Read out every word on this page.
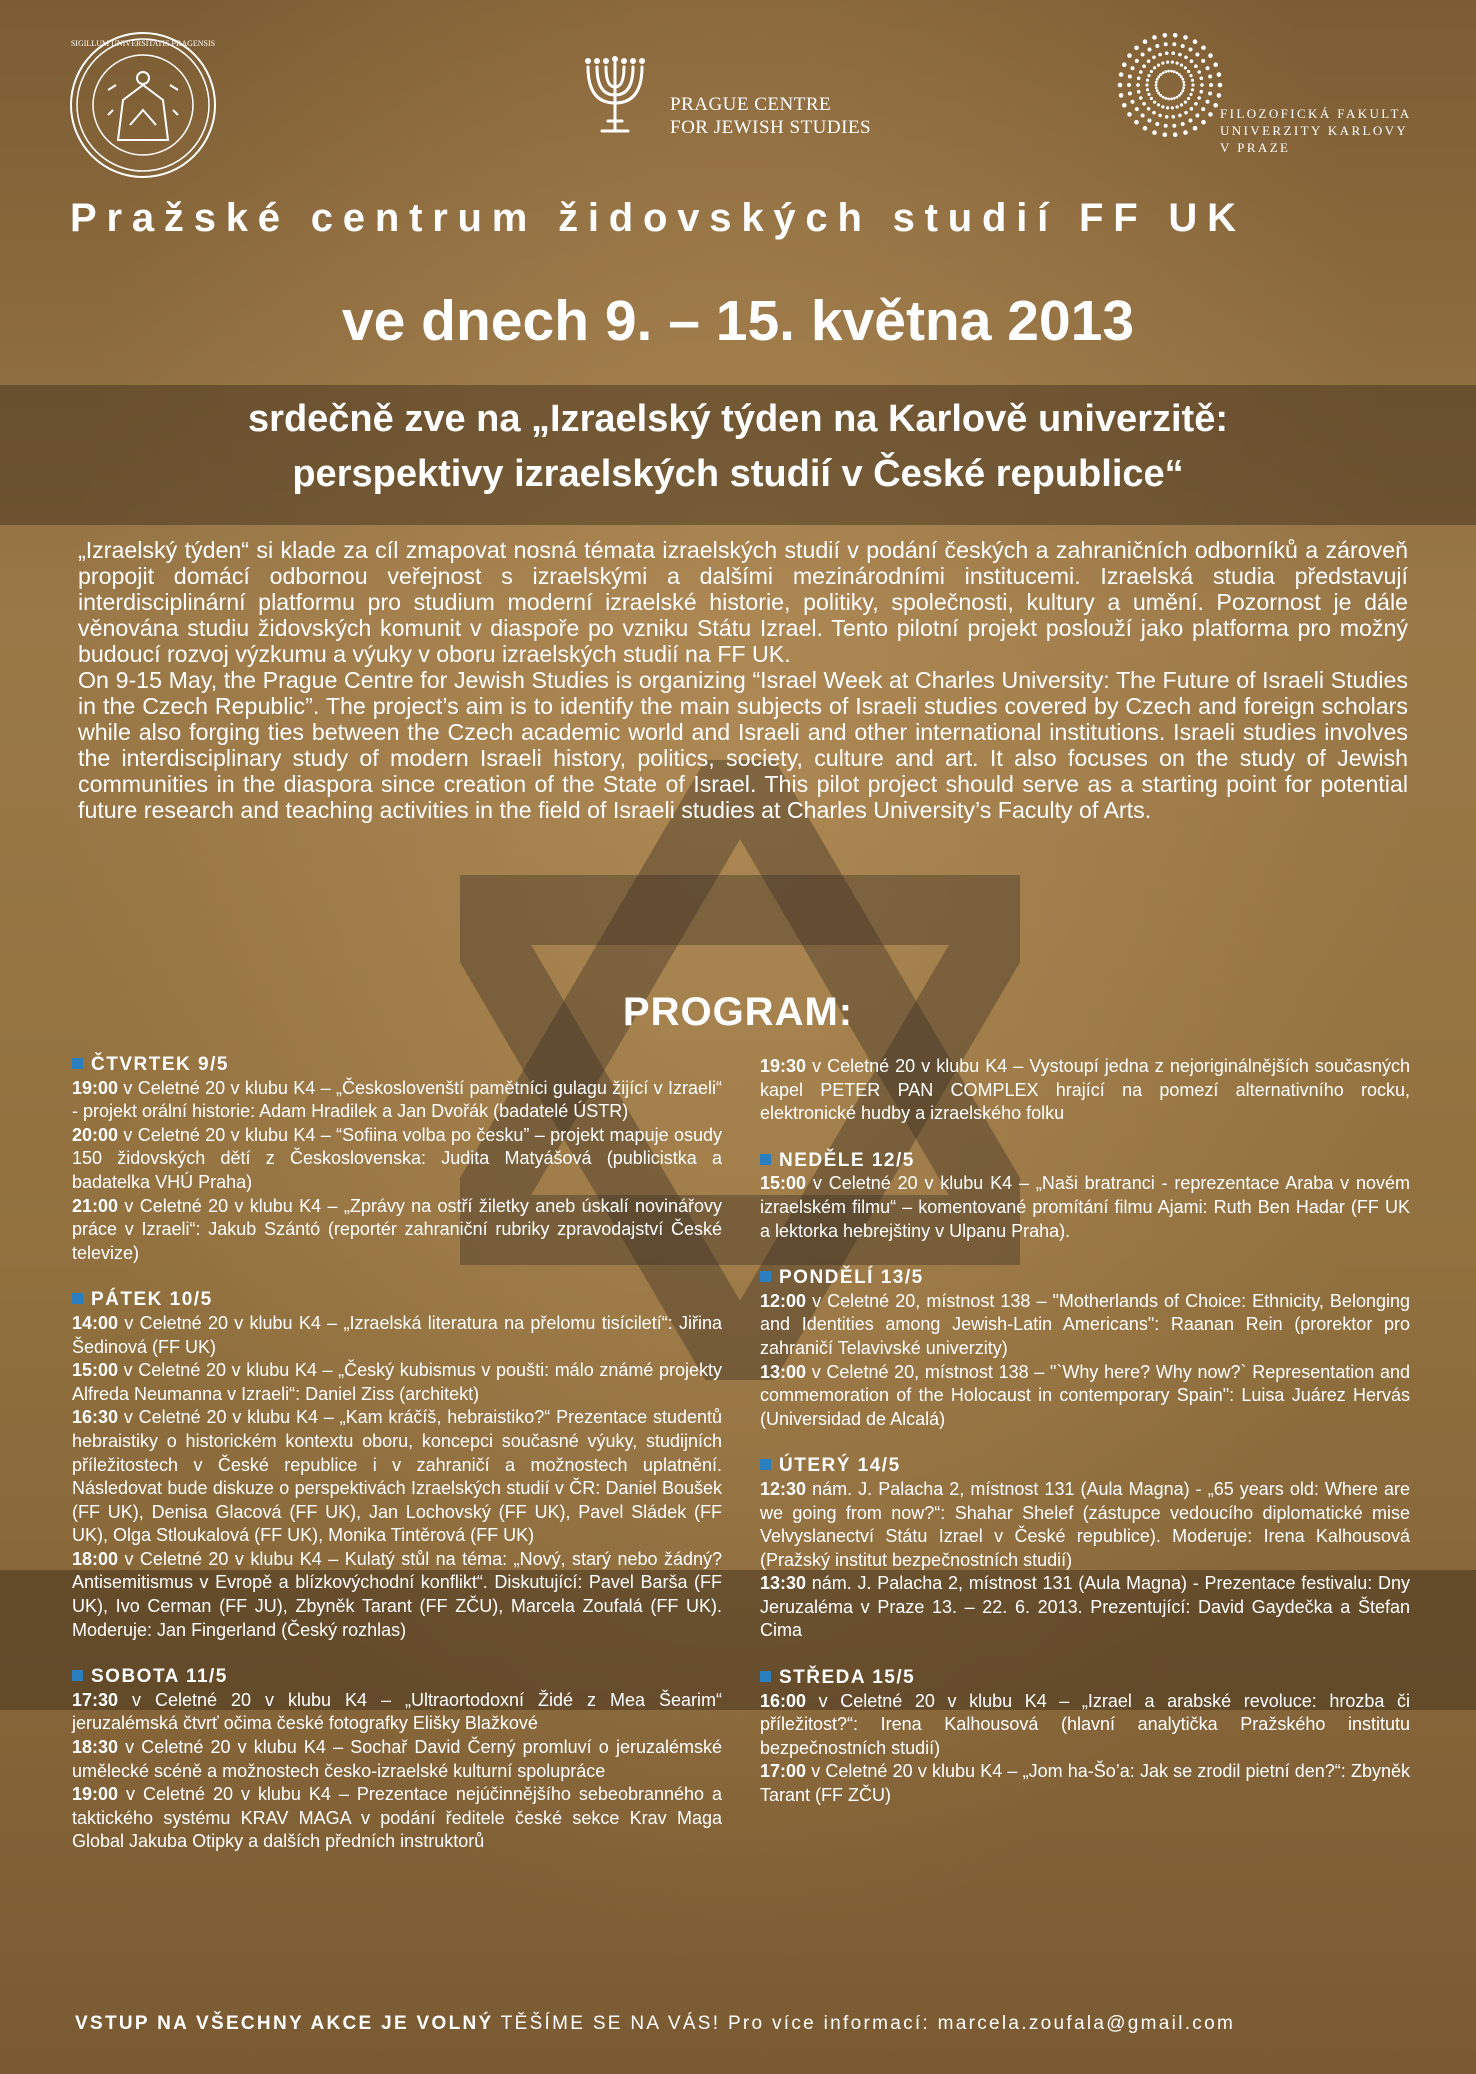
SIGILLUM UNIVERSITATIS PRAGENSIS
PRAGUE CENTRE
FOR JEWISH STUDIES
FILOZOFICKÁ FAKULTA
UNIVERZITY KARLOVY
V PRAZE
Pražské centrum židovských studií FF UK
ve dnech 9. – 15. května 2013
srdečně zve na „Izraelský týden na Karlově univerzitě:
perspektivy izraelských studií v České republice“

„Izraelský týden“ si klade za cíl zmapovat nosná témata izraelských studií v podání českých a zahraničních odborníků a zároveň propojit domácí odbornou veřejnost s izraelskými a dalšími mezinárodními institucemi. Izraelská studia představují interdisciplinární platformu pro studium moderní izraelské historie, politiky, společnosti, kultury a umění. Pozornost je dále věnována studiu židovských komunit v diaspoře po vzniku Státu Izrael. Tento pilotní projekt poslouží jako platforma pro možný budoucí rozvoj výzkumu a výuky v oboru izraelských studií na FF UK.

On 9-15 May, the Prague Centre for Jewish Studies is organizing “Israel Week at Charles University: The Future of Israeli Studies in the Czech Republic”. The project’s aim is to identify the main subjects of Israeli studies covered by Czech and foreign scholars while also forging ties between the Czech academic world and Israeli and other international institutions. Israeli studies involves the interdisciplinary study of modern Israeli history, politics, society, culture and art. It also focuses on the study of Jewish communities in the diaspora since creation of the State of Israel. This pilot project should serve as a starting point for potential future research and teaching activities in the field of Israeli studies at Charles University’s Faculty of Arts.

PROGRAM:

ČTVRTEK 9/5

19:00 v Celetné 20 v klubu K4 – „Českoslovenští pamětníci gulagu žijící v Izraeli“ - projekt orální historie: Adam Hradilek a Jan Dvořák (badatelé ÚSTR)

20:00 v Celetné 20 v klubu K4 – “Sofiina volba po česku” – projekt mapuje osudy 150 židovských dětí z Československa: Judita Matyášová (publicistka a badatelka VHÚ Praha)

21:00 v Celetné 20 v klubu K4 – „Zprávy na ostří žiletky aneb úskalí novinářovy práce v Izraeli“: Jakub Szántó (reportér zahraniční rubriky zpravodajství České televize)

PÁTEK 10/5

14:00 v Celetné 20 v klubu K4 – „Izraelská literatura na přelomu tisíciletí“: Jiřina Šedinová (FF UK)

15:00 v Celetné 20 v klubu K4 – „Český kubismus v poušti: málo známé projekty Alfreda Neumanna v Izraeli“: Daniel Ziss (architekt)

16:30 v Celetné 20 v klubu K4 – „Kam kráčíš, hebraistiko?“ Prezentace studentů hebraistiky o historickém kontextu oboru, koncepci současné výuky, studijních příležitostech v České republice i v zahraničí a možnostech uplatnění. Následovat bude diskuze o perspektivách Izraelských studií v ČR: Daniel Boušek (FF UK), Denisa Glacová (FF UK), Jan Lochovský (FF UK), Pavel Sládek (FF UK), Olga Stloukalová (FF UK), Monika Tintěrová (FF UK)

18:00 v Celetné 20 v klubu K4 – Kulatý stůl na téma: „Nový, starý nebo žádný? Antisemitismus v Evropě a blízkovýchodní konflikt“. Diskutující: Pavel Barša (FF UK), Ivo Cerman (FF JU), Zbyněk Tarant (FF ZČU), Marcela Zoufalá (FF UK). Moderuje: Jan Fingerland (Český rozhlas)

SOBOTA 11/5

17:30 v Celetné 20 v klubu K4 – „Ultraortodoxní Židé z Mea Šearim“ jeruzalémská čtvrť očima české fotografky Elišky Blažkové

18:30 v Celetné 20 v klubu K4 – Sochař David Černý promluví o jeruzalémské umělecké scéně a možnostech česko-izraelské kulturní spolupráce

19:00 v Celetné 20 v klubu K4 – Prezentace nejúčinnějšího sebeobranného a taktického systému KRAV MAGA v podání ředitele české sekce Krav Maga Global Jakuba Otipky a dalších předních instruktorů

19:30 v Celetné 20 v klubu K4 – Vystoupí jedna z nejoriginálnějších současných kapel PETER PAN COMPLEX hrající na pomezí alternativního rocku, elektronické hudby a izraelského folku

NEDĚLE 12/5

15:00 v Celetné 20 v klubu K4 – „Naši bratranci - reprezentace Araba v novém izraelském filmu“ – komentované promítání filmu Ajami: Ruth Ben Hadar (FF UK a lektorka hebrejštiny v Ulpanu Praha).

PONDĚLÍ 13/5

12:00 v Celetné 20, místnost 138 – "Motherlands of Choice: Ethnicity, Belonging and Identities among Jewish-Latin Americans": Raanan Rein (prorektor pro zahraničí Telavivské univerzity)

13:00 v Celetné 20, místnost 138 – "`Why here? Why now?` Representation and commemoration of the Holocaust in contemporary Spain": Luisa Juárez Hervás (Universidad de Alcalá)

ÚTERÝ 14/5

12:30 nám. J. Palacha 2, místnost 131 (Aula Magna) - „65 years old: Where are we going from now?“: Shahar Shelef (zástupce vedoucího diplomatické mise Velvyslanectví Státu Izrael v České republice). Moderuje: Irena Kalhousová (Pražský institut bezpečnostních studií)

13:30 nám. J. Palacha 2, místnost 131 (Aula Magna) - Prezentace festivalu: Dny Jeruzaléma v Praze 13. – 22. 6. 2013. Prezentující: David Gaydečka a Štefan Cima

STŘEDA 15/5

16:00 v Celetné 20 v klubu K4 – „Izrael a arabské revoluce: hrozba či příležitost?“: Irena Kalhousová (hlavní analytička Pražského institutu bezpečnostních studií)

17:00 v Celetné 20 v klubu K4 – „Jom ha-Šo’a: Jak se zrodil pietní den?“: Zbyněk Tarant (FF ZČU)

VSTUP NA VŠECHNY AKCE JE VOLNÝ TĚŠÍME SE NA VÁS! Pro více informací: marcela.zoufala@gmail.com
